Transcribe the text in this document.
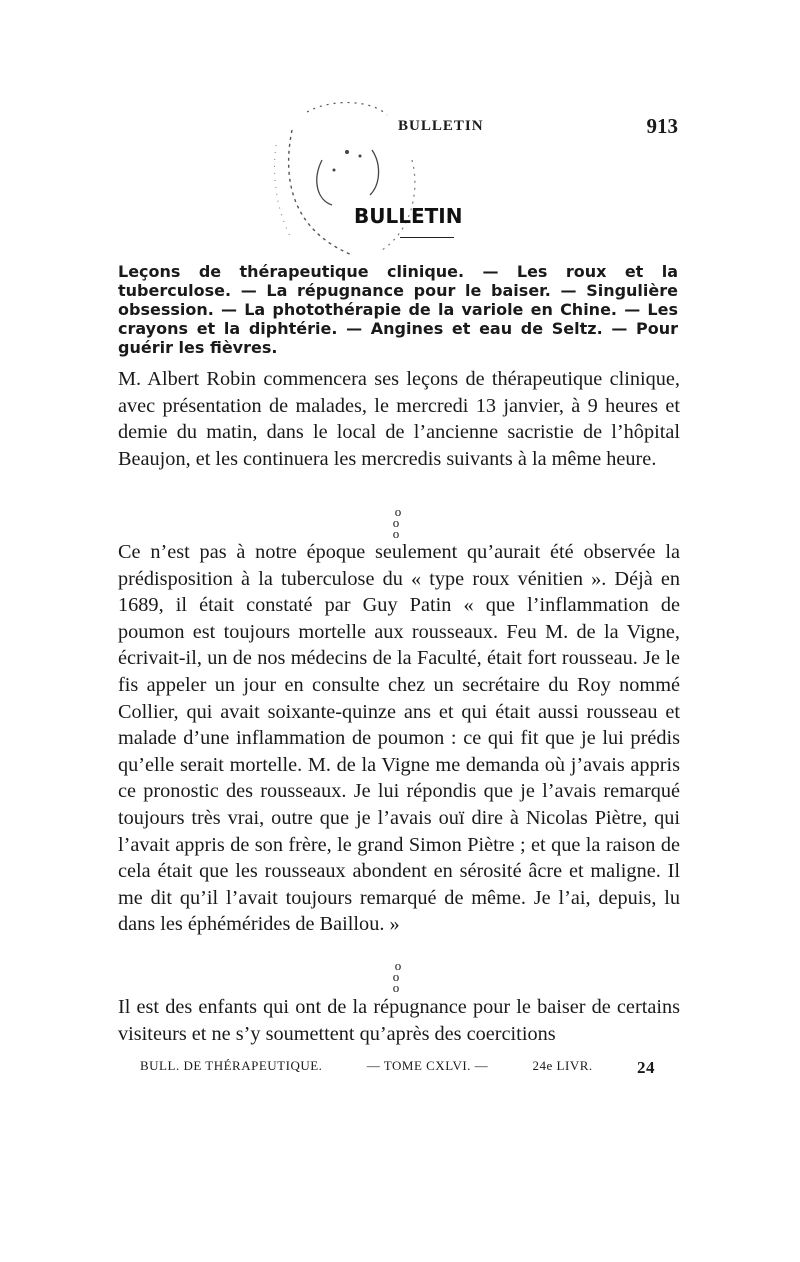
BULLETIN
BULLETIN	913

Leçons de thérapeutique clinique. — Les roux et la tuberculose. — La répugnance pour le baiser. — Singulière obsession. — La photothérapie de la variole en Chine. — Les crayons et la diphtérie. — Angines et eau de Seltz. — Pour guérir les fièvres.

M. Albert Robin commencera ses leçons de thérapeutique clinique, avec présentation de malades, le mercredi 13 janvier, à 9 heures et demie du matin, dans le local de l’ancienne sacristie de l’hôpital Beaujon, et les continuera les mercredis suivants à la même heure.

o
o o

Ce n’est pas à notre époque seulement qu’aurait été observée la prédisposition à la tuberculose du « type roux vénitien ». Déjà en 1689, il était constaté par Guy Patin « que l’inflammation de poumon est toujours mortelle aux rousseaux. Feu M. de la Vigne, écrivait-il, un de nos médecins de la Faculté, était fort rousseau. Je le fis appeler un jour en consulte chez un secrétaire du Roy nommé Collier, qui avait soixante-quinze ans et qui était aussi rousseau et malade d’une inflammation de poumon : ce qui fit que je lui prédis qu’elle serait mortelle. M. de la Vigne me demanda où j’avais appris ce pronostic des rousseaux. Je lui répondis que je l’avais remarqué toujours très vrai, outre que je l’avais ouï dire à Nicolas Piètre, qui l’avait appris de son frère, le grand Simon Piètre ; et que la raison de cela était que les rousseaux abondent en sérosité âcre et maligne. Il me dit qu’il l’avait toujours remarqué de même. Je l’ai, depuis, lu dans les éphémérides de Baillou. »

o
o o

Il est des enfants qui ont de la répugnance pour le baiser de certains visiteurs et ne s’y soumettent qu’après des coercitions

BULL. DE THÉRAPEUTIQUE.	— TOME CXLVI. —	24e LIVR.	24
